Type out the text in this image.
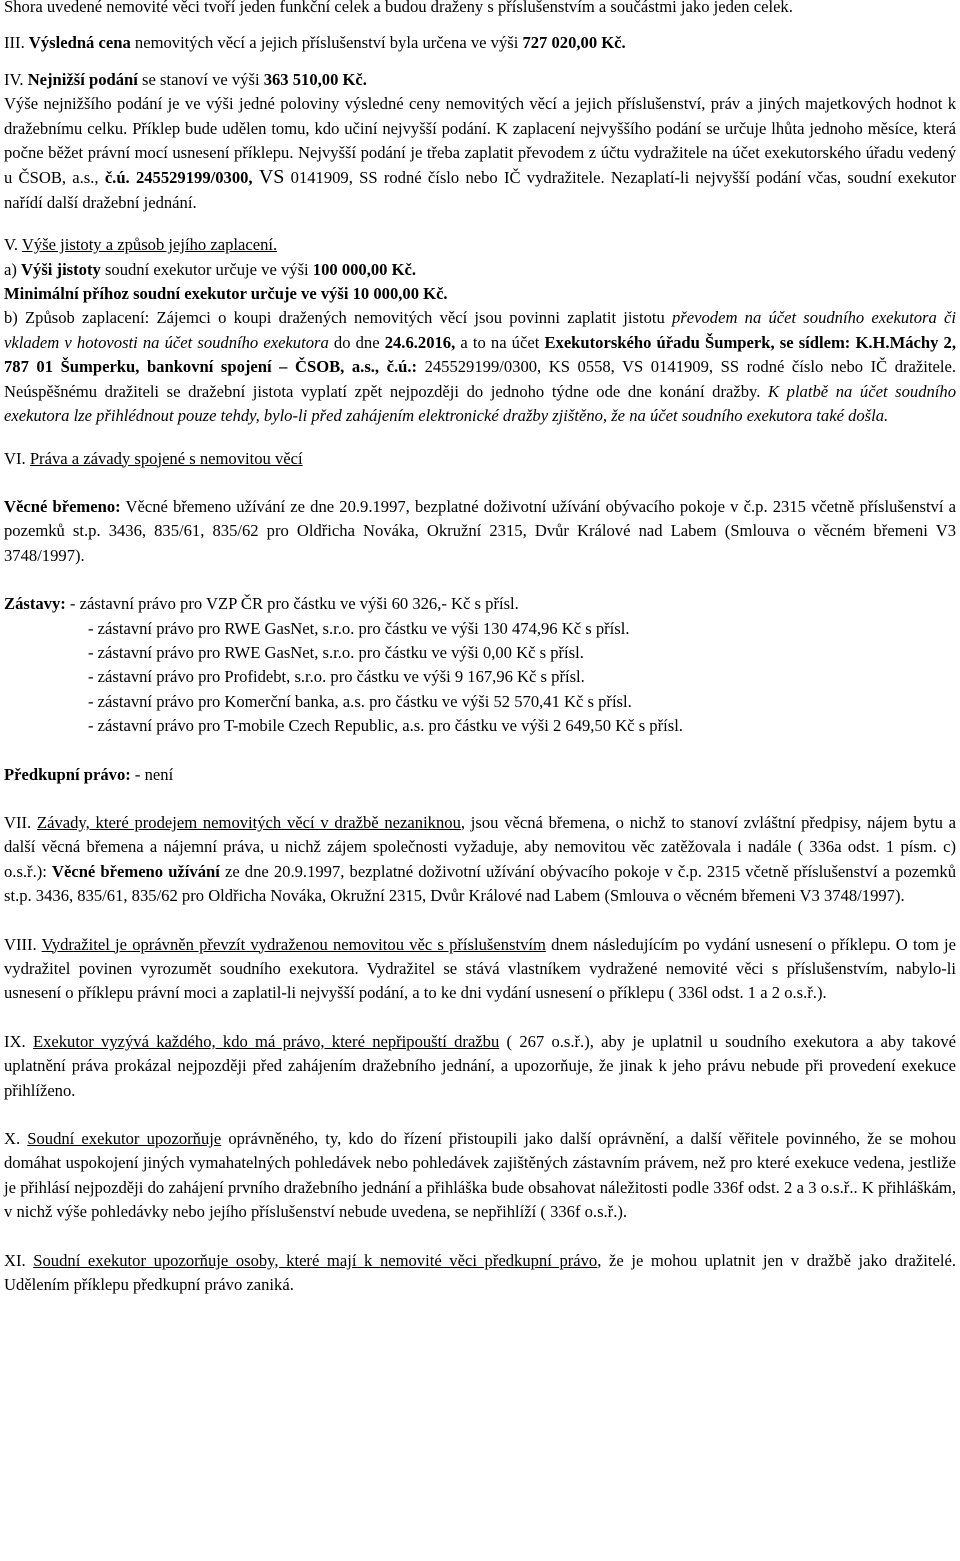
Shora uvedené nemovité věci tvoří jeden funkční celek a budou draženy s příslušenstvím a součástmi jako jeden celek.

III. Výsledná cena nemovitých věcí a jejich příslušenství byla určena ve výši 727 020,00 Kč.

IV. Nejnižší podání se stanoví ve výši 363 510,00 Kč.

Výše nejnižšího podání je ve výši jedné poloviny výsledné ceny nemovitých věcí a jejich příslušenství, práv a jiných majetkových hodnot k dražebnímu celku. Příklep bude udělen tomu, kdo učiní nejvyšší podání. K zaplacení nejvyššího podání se určuje lhůta jednoho měsíce, která počne běžet právní mocí usnesení příklepu. Nejvyšší podání je třeba zaplatit převodem z účtu vydražitele na účet exekutorského úřadu vedený u ČSOB, a.s., č.ú. 245529199/0300, VS 0141909, SS rodné číslo nebo IČ vydražitele. Nezaplatí-li nejvyšší podání včas, soudní exekutor nařídí další dražební jednání.

V. Výše jistoty a způsob jejího zaplacení.

a) Výši jistoty soudní exekutor určuje ve výši 100 000,00 Kč.

Minimální příhoz soudní exekutor určuje ve výši 10 000,00 Kč.

b) Způsob zaplacení: Zájemci o koupi dražených nemovitých věcí jsou povinni zaplatit jistotu převodem na účet soudního exekutora či vkladem v hotovosti na účet soudního exekutora do dne 24.6.2016, a to na účet Exekutorského úřadu Šumperk, se sídlem: K.H.Máchy 2, 787 01 Šumperku, bankovní spojení – ČSOB, a.s., č.ú.: 245529199/0300, KS 0558, VS 0141909, SS rodné číslo nebo IČ dražitele. Neúspěšnému dražiteli se dražební jistota vyplatí zpět nejpozději do jednoho týdne ode dne konání dražby. K platbě na účet soudního exekutora lze přihlédnout pouze tehdy, bylo-li před zahájením elektronické dražby zjištěno, že na účet soudního exekutora také došla.

VI. Práva a závady spojené s nemovitou věcí

Věcné břemeno: Věcné břemeno užívání ze dne 20.9.1997, bezplatné doživotní užívání obývacího pokoje v č.p. 2315 včetně příslušenství a pozemků st.p. 3436, 835/61, 835/62 pro Oldřicha Nováka, Okružní 2315, Dvůr Králové nad Labem (Smlouva o věcném břemeni V3 3748/1997).

Zástavy: - zástavní právo pro VZP ČR pro částku ve výši 60 326,- Kč s přísl.

- zástavní právo pro RWE GasNet, s.r.o. pro částku ve výši 130 474,96 Kč s přísl.

- zástavní právo pro RWE GasNet, s.r.o. pro částku ve výši 0,00 Kč s přísl.

- zástavní právo pro Profidebt, s.r.o. pro částku ve výši 9 167,96 Kč s přísl.

- zástavní právo pro Komerční banka, a.s. pro částku ve výši 52 570,41 Kč s přísl.

- zástavní právo pro T-mobile Czech Republic, a.s. pro částku ve výši 2 649,50 Kč s přísl.

Předkupní právo: - není

VII. Závady, které prodejem nemovitých věcí v dražbě nezaniknou, jsou věcná břemena, o nichž to stanoví zvláštní předpisy, nájem bytu a další věcná břemena a nájemní práva, u nichž zájem společnosti vyžaduje, aby nemovitou věc zatěžovala i nadále ( 336a odst. 1 písm. c) o.s.ř.): Věcné břemeno užívání ze dne 20.9.1997, bezplatné doživotní užívání obývacího pokoje v č.p. 2315 včetně příslušenství a pozemků st.p. 3436, 835/61, 835/62 pro Oldřicha Nováka, Okružní 2315, Dvůr Králové nad Labem (Smlouva o věcném břemeni V3 3748/1997).

VIII. Vydražitel je oprávněn převzít vydraženou nemovitou věc s příslušenstvím dnem následujícím po vydání usnesení o příklepu. O tom je vydražitel povinen vyrozumět soudního exekutora. Vydražitel se stává vlastníkem vydražené nemovité věci s příslušenstvím, nabylo-li usnesení o příklepu právní moci a zaplatil-li nejvyšší podání, a to ke dni vydání usnesení o příklepu ( 336l odst. 1 a 2 o.s.ř.).

IX. Exekutor vyzývá každého, kdo má právo, které nepřipouští dražbu ( 267 o.s.ř.), aby je uplatnil u soudního exekutora a aby takové uplatnění práva prokázal nejpozději před zahájením dražebního jednání, a upozorňuje, že jinak k jeho právu nebude při provedení exekuce přihlíženo.

X. Soudní exekutor upozorňuje oprávněného, ty, kdo do řízení přistoupili jako další oprávnění, a další věřitele povinného, že se mohou domáhat uspokojení jiných vymahatelných pohledávek nebo pohledávek zajištěných zástavním právem, než pro které exekuce vedena, jestliže je přihlásí nejpozději do zahájení prvního dražebního jednání a přihláška bude obsahovat náležitosti podle 336f odst. 2 a 3 o.s.ř.. K přihláškám, v nichž výše pohledávky nebo jejího příslušenství nebude uvedena, se nepřihlíží ( 336f o.s.ř.).

XI. Soudní exekutor upozorňuje osoby, které mají k nemovité věci předkupní právo, že je mohou uplatnit jen v dražbě jako dražitelé. Udělením příklepu předkupní právo zaniká.
